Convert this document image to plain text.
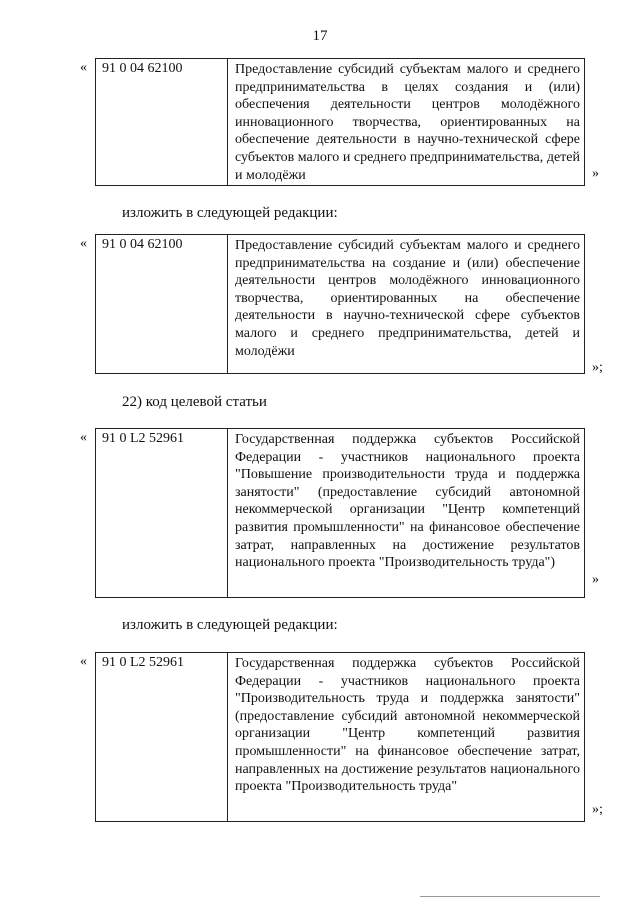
17
«	91 0 04 62100	Предоставление субсидий субъектам малого и среднего предпринимательства в целях создания и (или) обеспечения деятельности центров молодёжного инновационного творчества, ориентированных на обеспечение деятельности в научно-технической сфере субъектов малого и среднего предпринимательства, детей и молодёжи	»
изложить в следующей редакции:
«	91 0 04 62100	Предоставление субсидий субъектам малого и среднего предпринимательства на создание и (или) обеспечение деятельности центров молодёжного инновационного творчества, ориентированных на обеспечение деятельности в научно-технической сфере субъектов малого и среднего предпринимательства, детей и молодёжи
»;
22) код целевой статьи
«	91 0 L2 52961	Государственная поддержка субъектов Российской Федерации - участников национального проекта "Повышение производительности труда и поддержка занятости" (предоставление субсидий автономной некоммерческой организации "Центр компетенций развития промышленности" на финансовое обеспечение затрат, направленных на достижение результатов национального проекта "Производительность труда")
»
изложить в следующей редакции:
«	91 0 L2 52961	Государственная поддержка субъектов Российской Федерации - участников национального проекта "Производительность труда и поддержка занятости" (предоставление субсидий автономной некоммерческой организации "Центр компетенций развития промышленности" на финансовое обеспечение затрат, направленных на достижение результатов национального проекта "Производительность труда"
»;
